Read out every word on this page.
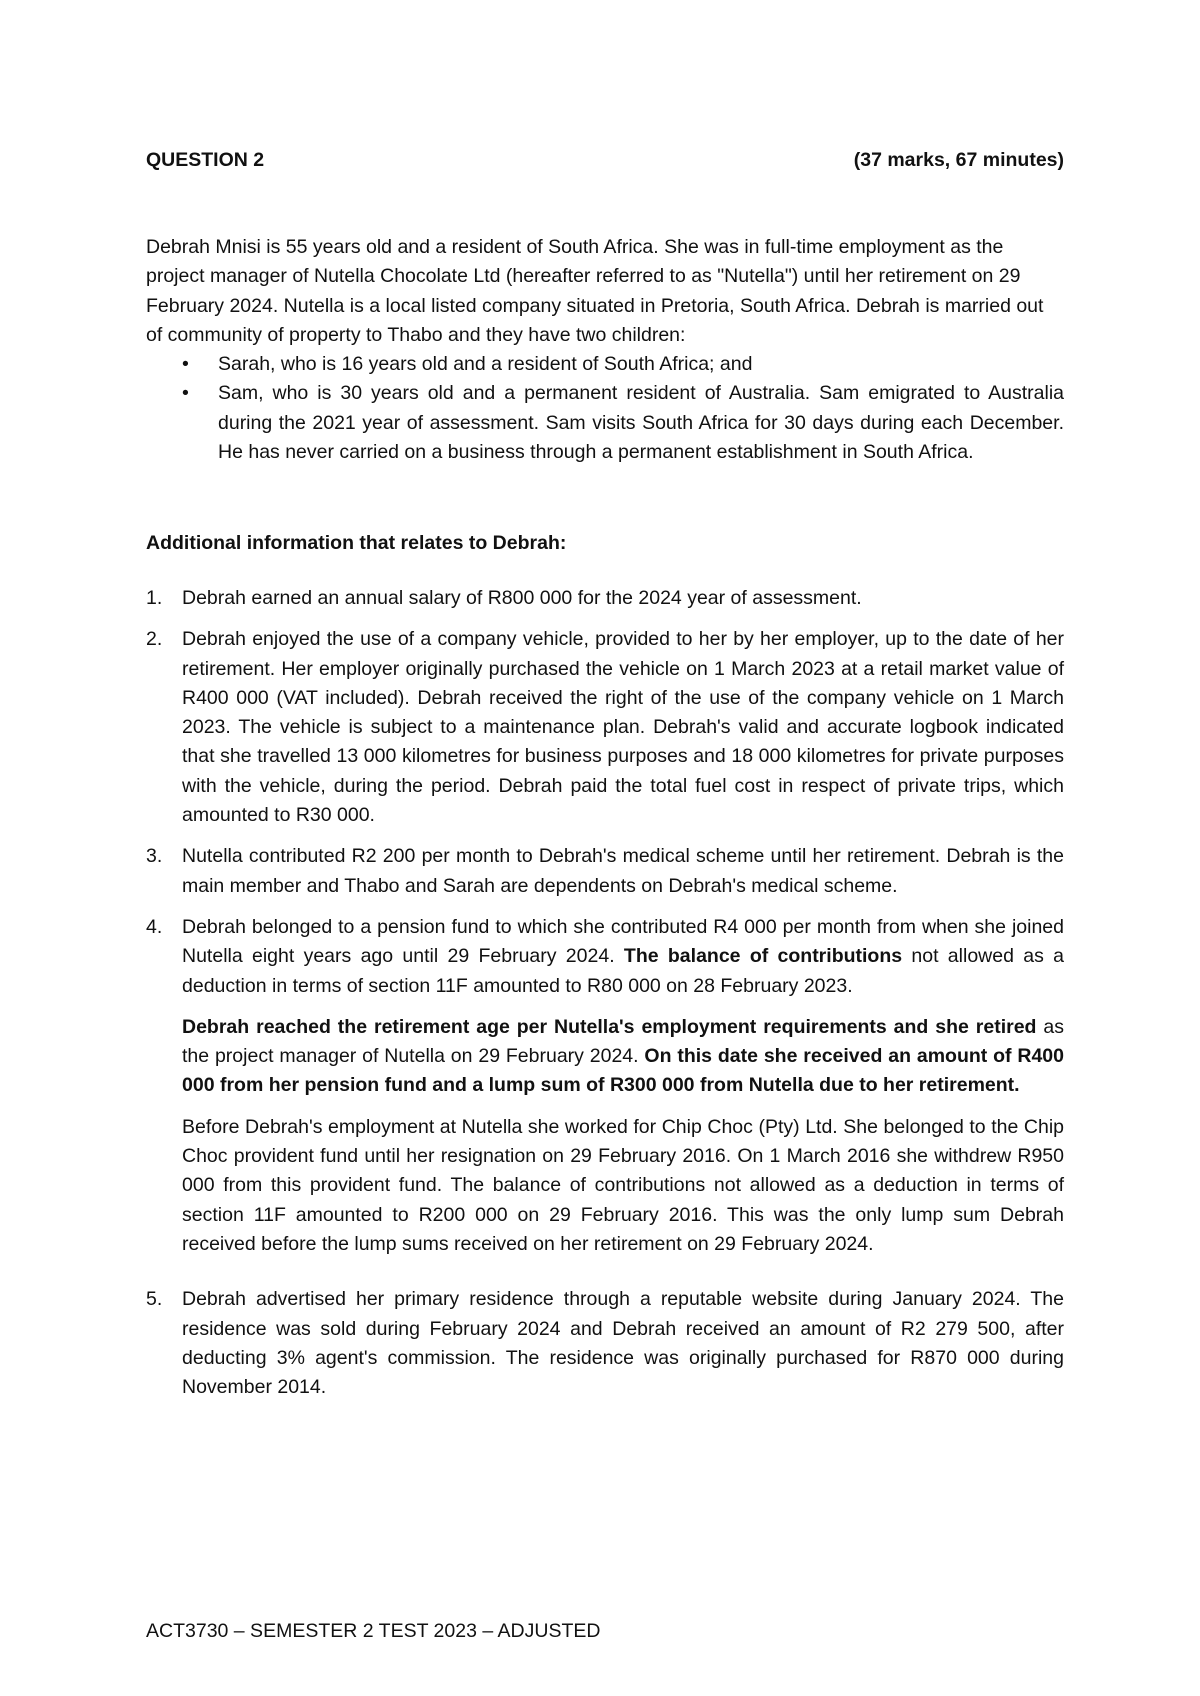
QUESTION 2	(37 marks, 67 minutes)
Debrah Mnisi is 55 years old and a resident of South Africa. She was in full-time employment as the project manager of Nutella Chocolate Ltd (hereafter referred to as "Nutella") until her retirement on 29 February 2024. Nutella is a local listed company situated in Pretoria, South Africa. Debrah is married out of community of property to Thabo and they have two children:
• Sarah, who is 16 years old and a resident of South Africa; and
• Sam, who is 30 years old and a permanent resident of Australia. Sam emigrated to Australia during the 2021 year of assessment. Sam visits South Africa for 30 days during each December. He has never carried on a business through a permanent establishment in South Africa.
Additional information that relates to Debrah:
1. Debrah earned an annual salary of R800 000 for the 2024 year of assessment.

2. Debrah enjoyed the use of a company vehicle, provided to her by her employer, up to the date of her retirement. Her employer originally purchased the vehicle on 1 March 2023 at a retail market value of R400 000 (VAT included). Debrah received the right of the use of the company vehicle on 1 March 2023. The vehicle is subject to a maintenance plan. Debrah's valid and accurate logbook indicated that she travelled 13 000 kilometres for business purposes and 18 000 kilometres for private purposes with the vehicle, during the period. Debrah paid the total fuel cost in respect of private trips, which amounted to R30 000.

3. Nutella contributed R2 200 per month to Debrah's medical scheme until her retirement. Debrah is the main member and Thabo and Sarah are dependents on Debrah's medical scheme.

4. Debrah belonged to a pension fund to which she contributed R4 000 per month from when she joined Nutella eight years ago until 29 February 2024. The balance of contributions not allowed as a deduction in terms of section 11F amounted to R80 000 on 28 February 2023.

Debrah reached the retirement age per Nutella's employment requirements and she retired as the project manager of Nutella on 29 February 2024. On this date she received an amount of R400 000 from her pension fund and a lump sum of R300 000 from Nutella due to her retirement.

Before Debrah's employment at Nutella she worked for Chip Choc (Pty) Ltd. She belonged to the Chip Choc provident fund until her resignation on 29 February 2016. On 1 March 2016 she withdrew R950 000 from this provident fund. The balance of contributions not allowed as a deduction in terms of section 11F amounted to R200 000 on 29 February 2016. This was the only lump sum Debrah received before the lump sums received on her retirement on 29 February 2024.

5. Debrah advertised her primary residence through a reputable website during January 2024. The residence was sold during February 2024 and Debrah received an amount of R2 279 500, after deducting 3% agent's commission. The residence was originally purchased for R870 000 during November 2014.

ACT3730 – SEMESTER 2 TEST 2023 – ADJUSTED
